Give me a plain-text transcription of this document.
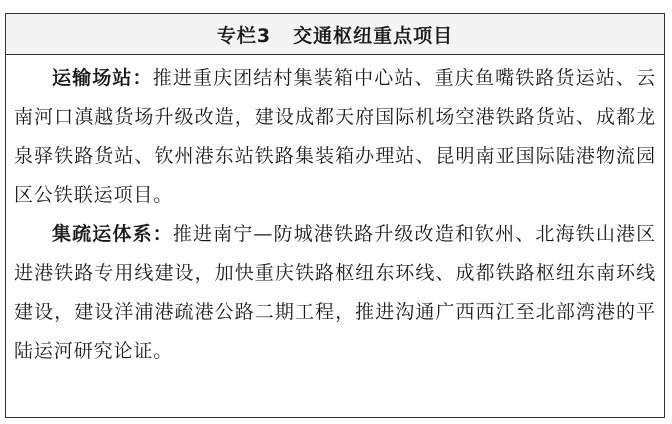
专栏3 交通枢纽重点项目

运输场站：推进重庆团结村集装箱中心站、重庆鱼嘴铁路货运站、云南河口滇越货场升级改造，建设成都天府国际机场空港铁路货站、成都龙泉驿铁路货站、钦州港东站铁路集装箱办理站、昆明南亚国际陆港物流园区公铁联运项目。

集疏运体系：推进南宁—防城港铁路升级改造和钦州、北海铁山港区进港铁路专用线建设，加快重庆铁路枢纽东环线、成都铁路枢纽东南环线建设，建设洋浦港疏港公路二期工程，推进沟通广西西江至北部湾港的平陆运河研究论证。
